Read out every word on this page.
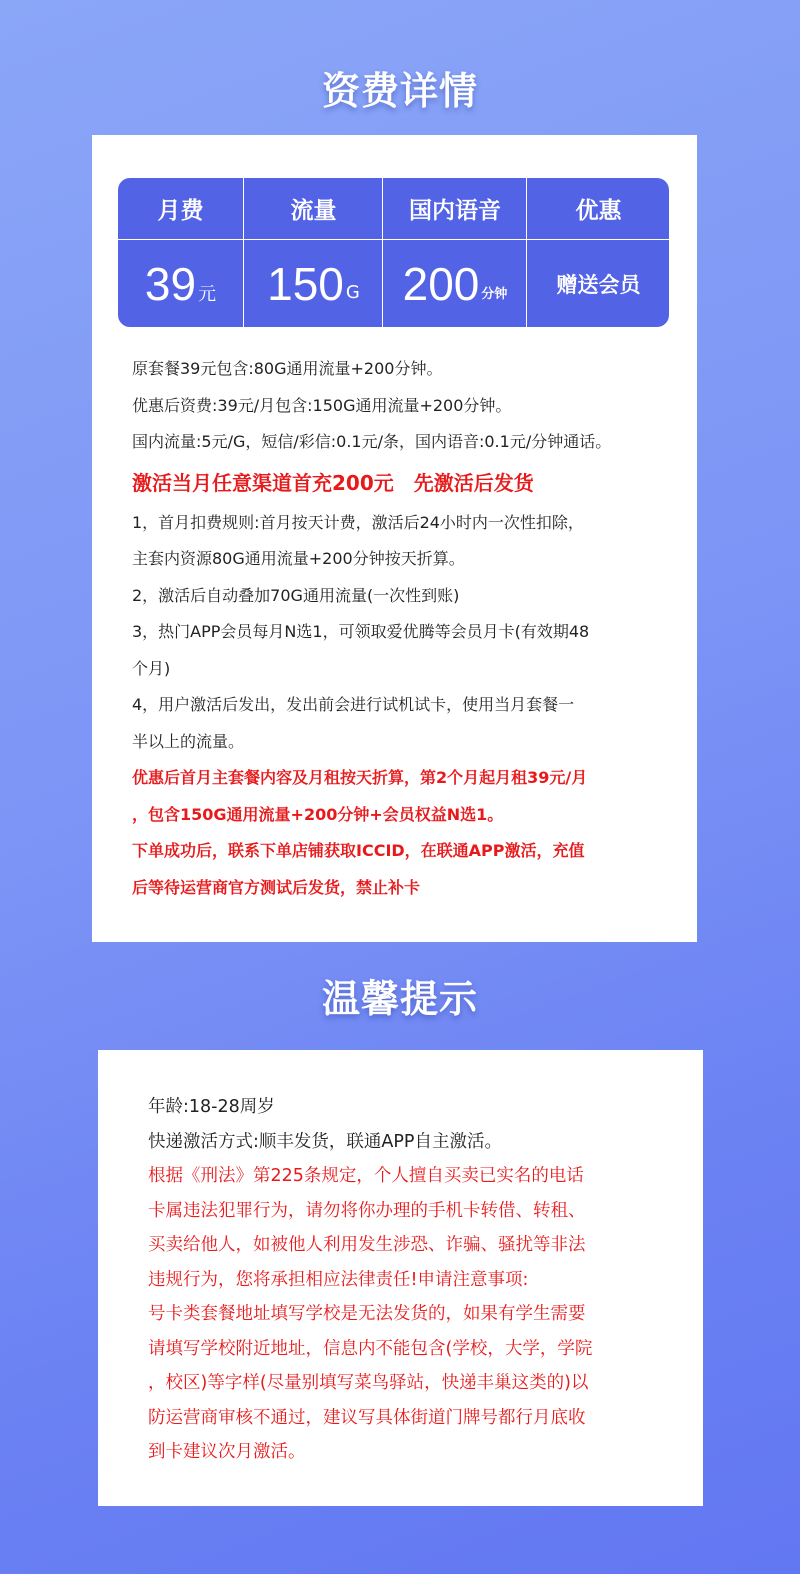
资费详情
月费
39 元
流量
150 G
国内语音
200 分钟
优惠
赠送会员
原套餐39元包含:80G通用流量+200分钟。
优惠后资费:39元/月包含:150G通用流量+200分钟。
国内流量:5元/G，短信/彩信:0.1元/条，国内语音:0.1元/分钟通话。
激活当月任意渠道首充200元　先激活后发货
1，首月扣费规则:首月按天计费，激活后24小时内一次性扣除，
主套内资源80G通用流量+200分钟按天折算。
2，激活后自动叠加70G通用流量(一次性到账)
3，热门APP会员每月N选1，可领取爱优腾等会员月卡(有效期48
个月)
4，用户激活后发出，发出前会进行试机试卡，使用当月套餐一
半以上的流量。
优惠后首月主套餐内容及月租按天折算，第2个月起月租39元/月
，包含150G通用流量+200分钟+会员权益N选1。
下单成功后，联系下单店铺获取ICCID，在联通APP激活，充值
后等待运营商官方测试后发货，禁止补卡
温馨提示
年龄:18-28周岁
快递激活方式:顺丰发货，联通APP自主激活。
根据《刑法》第225条规定，个人擅自买卖已实名的电话
卡属违法犯罪行为，请勿将你办理的手机卡转借、转租、
买卖给他人，如被他人利用发生涉恐、诈骗、骚扰等非法
违规行为，您将承担相应法律责任!申请注意事项:
号卡类套餐地址填写学校是无法发货的，如果有学生需要
请填写学校附近地址，信息内不能包含(学校，大学，学院
，校区)等字样(尽量别填写菜鸟驿站，快递丰巢这类的)以
防运营商审核不通过，建议写具体街道门牌号都行月底收
到卡建议次月激活。
